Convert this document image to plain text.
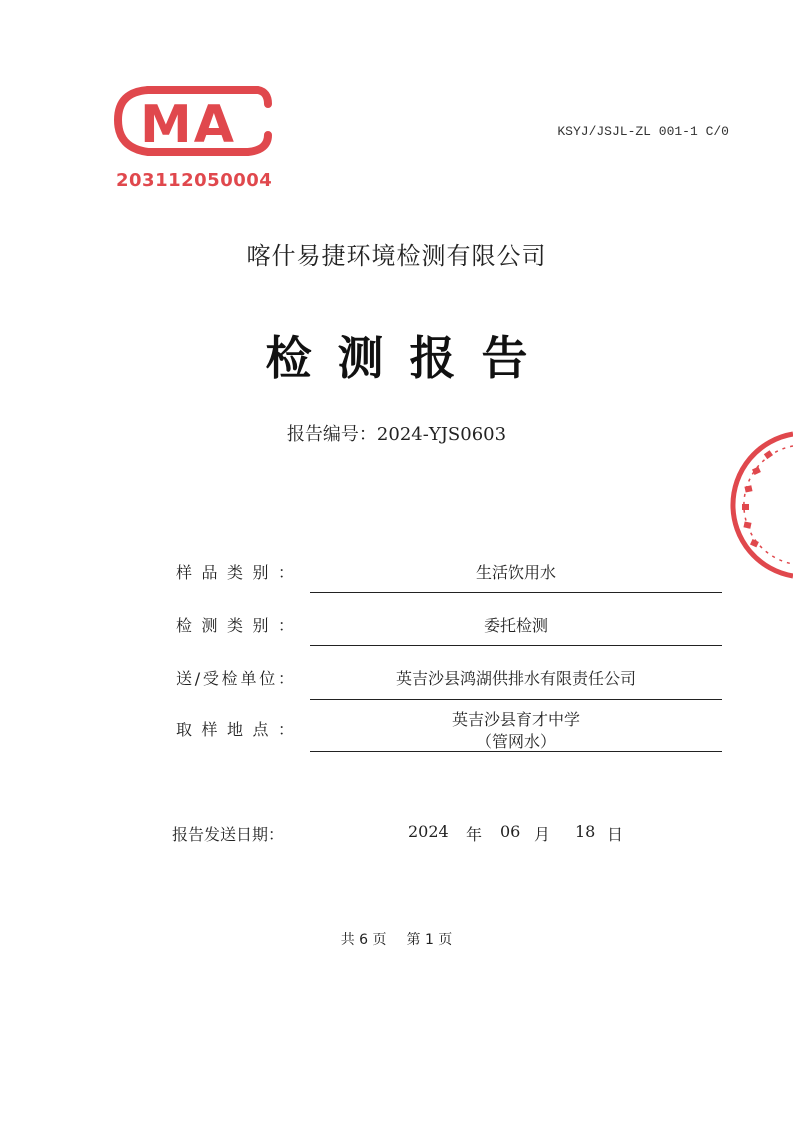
MA
203112050004
KSYJ/JSJL-ZL 001-1 C/0
喀什易捷环境检测有限公司
检测报告
报告编号：2024-YJS0603
样品类别：	生活饮用水
检测类别：	委托检测
送/受检单位：	英吉沙县鸿湖供排水有限责任公司
取样地点：
英吉沙县育才中学
（管网水）
报告发送日期：	2024 年 06 月 18 日
共 6 页 第 1 页
